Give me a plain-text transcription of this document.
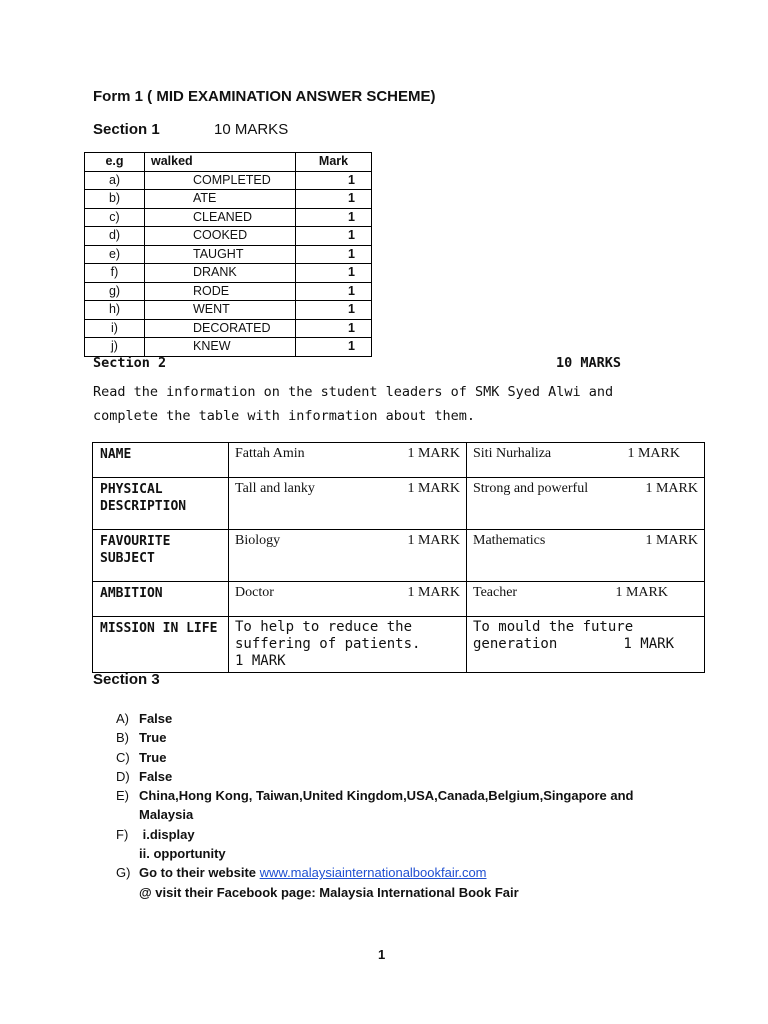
Form 1 ( MID EXAMINATION ANSWER SCHEME)
Section 1	10 MARKS
e.g	walked	Mark
a)	COMPLETED	1
b)	ATE	1
c)	CLEANED	1
d)	COOKED	1
e)	TAUGHT	1
f)	DRANK	1
g)	RODE	1
h)	WENT	1
i)	DECORATED	1
j)	KNEW	1
Section 2	10 MARKS
Read the information on the student leaders of SMK Syed Alwi and complete the table with information about them.
NAME	Fattah Amin 1 MARK	Siti Nurhaliza 1 MARK

PHYSICAL DESCRIPTION	Tall and lanky 1 MARK	Strong and powerful 1 MARK

FAVOURITE SUBJECT	Biology 1 MARK	Mathematics 1 MARK

AMBITION	Doctor 1 MARK	Teacher 1 MARK

MISSION IN LIFE	To help to reduce the suffering of patients. 1 MARK	To mould the future generation 1 MARK
Section 3
A) False
B) True
C) True
D) False
E) China,Hong Kong, Taiwan,United Kingdom,USA,Canada,Belgium,Singapore and Malaysia
F) i.display
ii. opportunity
G) Go to their website www.malaysiainternationalbookfair.com
@ visit their Facebook page: Malaysia International Book Fair
1
